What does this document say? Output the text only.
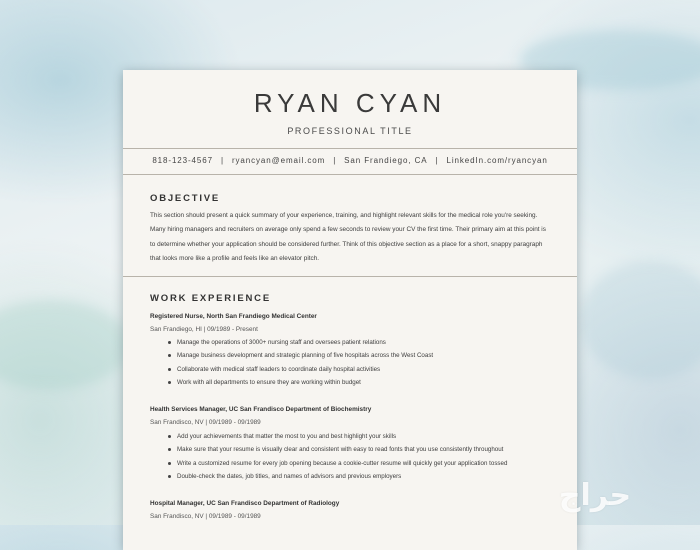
RYAN CYAN
PROFESSIONAL TITLE
818-123-4567 | ryancyan@email.com | San Frandiego, CA | LinkedIn.com/ryancyan
OBJECTIVE
This section should present a quick summary of your experience, training, and highlight relevant skills for the medical role you're seeking. Many hiring managers and recruiters on average only spend a few seconds to review your CV the first time. Their primary aim at this point is to determine whether your application should be considered further. Think of this objective section as a place for a short, snappy paragraph that looks more like a profile and feels like an elevator pitch.
WORK EXPERIENCE
Registered Nurse, North San Frandiego Medical Center
San Frandiego, HI | 09/1989 - Present
Manage the operations of 3000+ nursing staff and oversees patient relations
Manage business development and strategic planning of five hospitals across the West Coast
Collaborate with medical staff leaders to coordinate daily hospital activities
Work with all departments to ensure they are working within budget
Health Services Manager, UC San Frandisco Department of Biochemistry
San Frandisco, NV | 09/1989 - 09/1989
Add your achievements that matter the most to you and best highlight your skills
Make sure that your resume is visually clear and consistent with easy to read fonts that you use consistently throughout
Write a customized resume for every job opening because a cookie-cutter resume will quickly get your application tossed
Double-check the dates, job titles, and names of advisors and previous employers
Hospital Manager, UC San Frandisco Department of Radiology
San Frandisco, NV | 09/1989 - 09/1989
حراج
